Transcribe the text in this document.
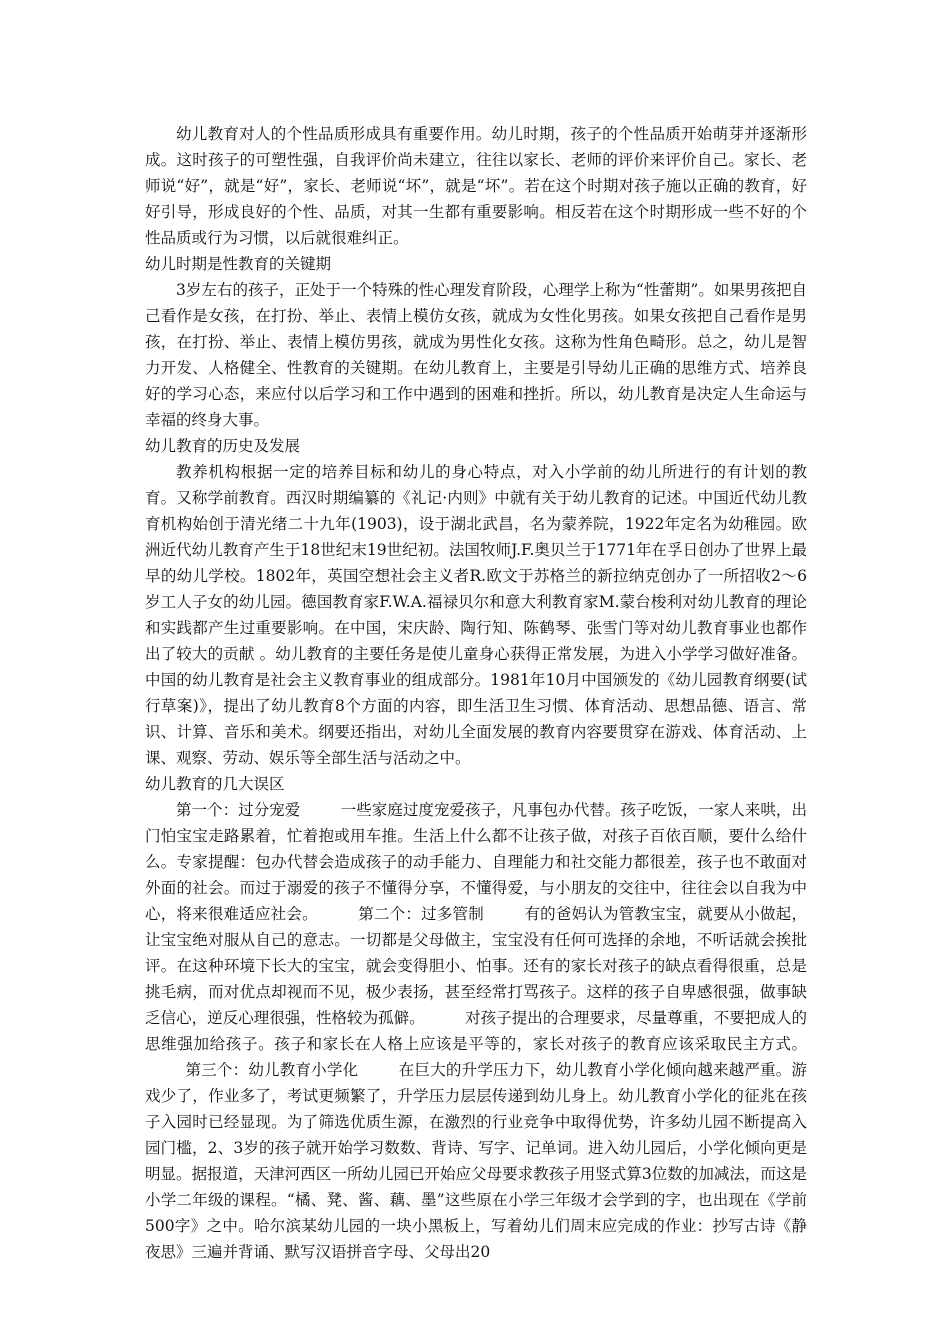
幼儿教育对人的个性品质形成具有重要作用。幼儿时期，孩子的个性品质开始萌芽并逐渐形成。这时孩子的可塑性强，自我评价尚未建立，往往以家长、老师的评价来评价自己。家长、老师说“好”，就是“好”，家长、老师说“坏”，就是“坏”。若在这个时期对孩子施以正确的教育，好好引导，形成良好的个性、品质，对其一生都有重要影响。相反若在这个时期形成一些不好的个性品质或行为习惯，以后就很难纠正。

幼儿时期是性教育的关键期

3岁左右的孩子，正处于一个特殊的性心理发育阶段，心理学上称为“性蕾期”。如果男孩把自己看作是女孩，在打扮、举止、表情上模仿女孩，就成为女性化男孩。如果女孩把自己看作是男孩，在打扮、举止、表情上模仿男孩，就成为男性化女孩。这称为性角色畸形。总之，幼儿是智力开发、人格健全、性教育的关键期。在幼儿教育上，主要是引导幼儿正确的思维方式、培养良好的学习心态，来应付以后学习和工作中遇到的困难和挫折。所以，幼儿教育是决定人生命运与幸福的终身大事。

幼儿教育的历史及发展

教养机构根据一定的培养目标和幼儿的身心特点，对入小学前的幼儿所进行的有计划的教育。又称学前教育。西汉时期编纂的《礼记·内则》中就有关于幼儿教育的记述。中国近代幼儿教育机构始创于清光绪二十九年(1903)，设于湖北武昌，名为蒙养院，1922年定名为幼稚园。欧洲近代幼儿教育产生于18世纪末19世纪初。法国牧师J.F.奥贝兰于1771年在孚日创办了世界上最早的幼儿学校。1802年，英国空想社会主义者R.欧文于苏格兰的新拉纳克创办了一所招收2～6岁工人子女的幼儿园。德国教育家F.W.A.福禄贝尔和意大利教育家M.蒙台梭利对幼儿教育的理论和实践都产生过重要影响。在中国，宋庆龄、陶行知、陈鹤琴、张雪门等对幼儿教育事业也都作出了较大的贡献 。幼儿教育的主要任务是使儿童身心获得正常发展，为进入小学学习做好准备。中国的幼儿教育是社会主义教育事业的组成部分。1981年10月中国颁发的《幼儿园教育纲要(试行草案)》，提出了幼儿教育8个方面的内容，即生活卫生习惯、体育活动、思想品德、语言、常识、计算、音乐和美术。纲要还指出，对幼儿全面发展的教育内容要贯穿在游戏、体育活动、上课、观察、劳动、娱乐等全部生活与活动之中。

幼儿教育的几大误区

第一个：过分宠爱	一些家庭过度宠爱孩子，凡事包办代替。孩子吃饭，一家人来哄，出门怕宝宝走路累着，忙着抱或用车推。生活上什么都不让孩子做，对孩子百依百顺，要什么给什么。专家提醒：包办代替会造成孩子的动手能力、自理能力和社交能力都很差，孩子也不敢面对外面的社会。而过于溺爱的孩子不懂得分享，不懂得爱，与小朋友的交往中，往往会以自我为中心，将来很难适应社会。	第二个：过多管制	有的爸妈认为管教宝宝，就要从小做起，让宝宝绝对服从自己的意志。一切都是父母做主，宝宝没有任何可选择的余地，不听话就会挨批评。在这种环境下长大的宝宝，就会变得胆小、怕事。还有的家长对孩子的缺点看得很重，总是挑毛病，而对优点却视而不见，极少表扬，甚至经常打骂孩子。这样的孩子自卑感很强，做事缺乏信心，逆反心理很强，性格较为孤僻。	对孩子提出的合理要求，尽量尊重，不要把成人的思维强加给孩子。孩子和家长在人格上应该是平等的，家长对孩子的教育应该采取民主方式。第三个：幼儿教育小学化	在巨大的升学压力下，幼儿教育小学化倾向越来越严重。游戏少了，作业多了，考试更频繁了，升学压力层层传递到幼儿身上。幼儿教育小学化的征兆在孩子入园时已经显现。为了筛选优质生源，在激烈的行业竞争中取得优势，许多幼儿园不断提高入园门槛，2、3岁的孩子就开始学习数数、背诗、写字、记单词。进入幼儿园后，小学化倾向更是明显。据报道，天津河西区一所幼儿园已开始应父母要求教孩子用竖式算3位数的加减法，而这是小学二年级的课程。“橘、凳、酱、藕、墨”这些原在小学三年级才会学到的字，也出现在《学前500字》之中。哈尔滨某幼儿园的一块小黑板上，写着幼儿们周末应完成的作业：抄写古诗《静夜思》三遍并背诵、默写汉语拼音字母、父母出20
